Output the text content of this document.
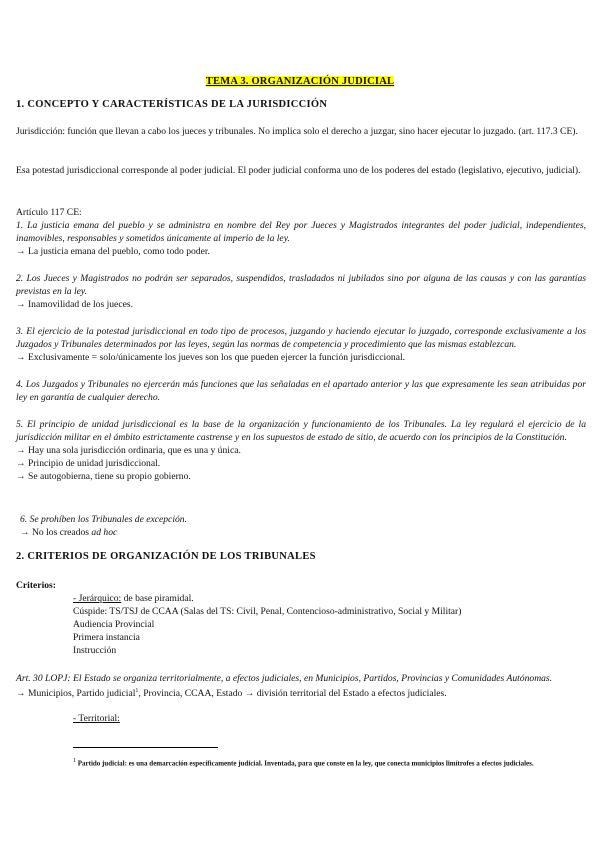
TEMA 3. ORGANIZACIÓN JUDICIAL
1. CONCEPTO Y CARACTERÍSTICAS DE LA JURISDICCIÓN
Jurisdicción: función que llevan a cabo los jueces y tribunales. No implica solo el derecho a juzgar, sino hacer ejecutar lo juzgado. (art. 117.3 CE).
Esa potestad jurisdiccional corresponde al poder judicial. El poder judicial conforma uno de los poderes del estado (legislativo, ejecutivo, judicial).
Artículo 117 CE:
1. La justicia emana del pueblo y se administra en nombre del Rey por Jueces y Magistrados integrantes del poder judicial, independientes, inamovibles, responsables y sometidos únicamente al imperio de la ley.
→ La justicia emana del pueblo, como todo poder.
2. Los Jueces y Magistrados no podrán ser separados, suspendidos, trasladados ni jubilados sino por alguna de las causas y con las garantías previstas en la ley.
→ Inamovilidad de los jueces.
3. El ejercicio de la potestad jurisdiccional en todo tipo de procesos, juzgando y haciendo ejecutar lo juzgado, corresponde exclusivamente a los Juzgados y Tribunales determinados por las leyes, según las normas de competencia y procedimiento que las mismas establezcan.
→ Exclusivamente = solo/únicamente los jueves son los que pueden ejercer la función jurisdiccional.
4. Los Juzgados y Tribunales no ejercerán más funciones que las señaladas en el apartado anterior y las que expresamente les sean atribuidas por ley en garantía de cualquier derecho.
5. El principio de unidad jurisdiccional es la base de la organización y funcionamiento de los Tribunales. La ley regulará el ejercicio de la jurisdicción militar en el ámbito estrictamente castrense y en los supuestos de estado de sitio, de acuerdo con los principios de la Constitución.
→ Hay una sola jurisdicción ordinaria, que es una y única.
→ Principio de unidad jurisdiccional.
→ Se autogobierna, tiene su propio gobierno.
6. Se prohíben los Tribunales de excepción.
→ No los creados ad hoc
2. CRITERIOS DE ORGANIZACIÓN DE LOS TRIBUNALES
Criterios:
- Jerárquico: de base piramidal.
Cúspide: TS/TSJ de CCAA (Salas del TS: Civil, Penal, Contencioso-administrativo, Social y Militar)
Audiencia Provincial
Primera instancia
Instrucción
Art. 30 LOPJ: El Estado se organiza territorialmente, a efectos judiciales, en Municipios, Partidos, Provincias y Comunidades Autónomas.
→ Municipios, Partido judicial$^1$, Provincia, CCAA, Estado → división territorial del Estado a efectos judiciales.
- Territorial:
1 Partido judicial: es una demarcación específicamente judicial. Inventada, para que conste en la ley, que conecta municipios limítrofes a efectos judiciales.
